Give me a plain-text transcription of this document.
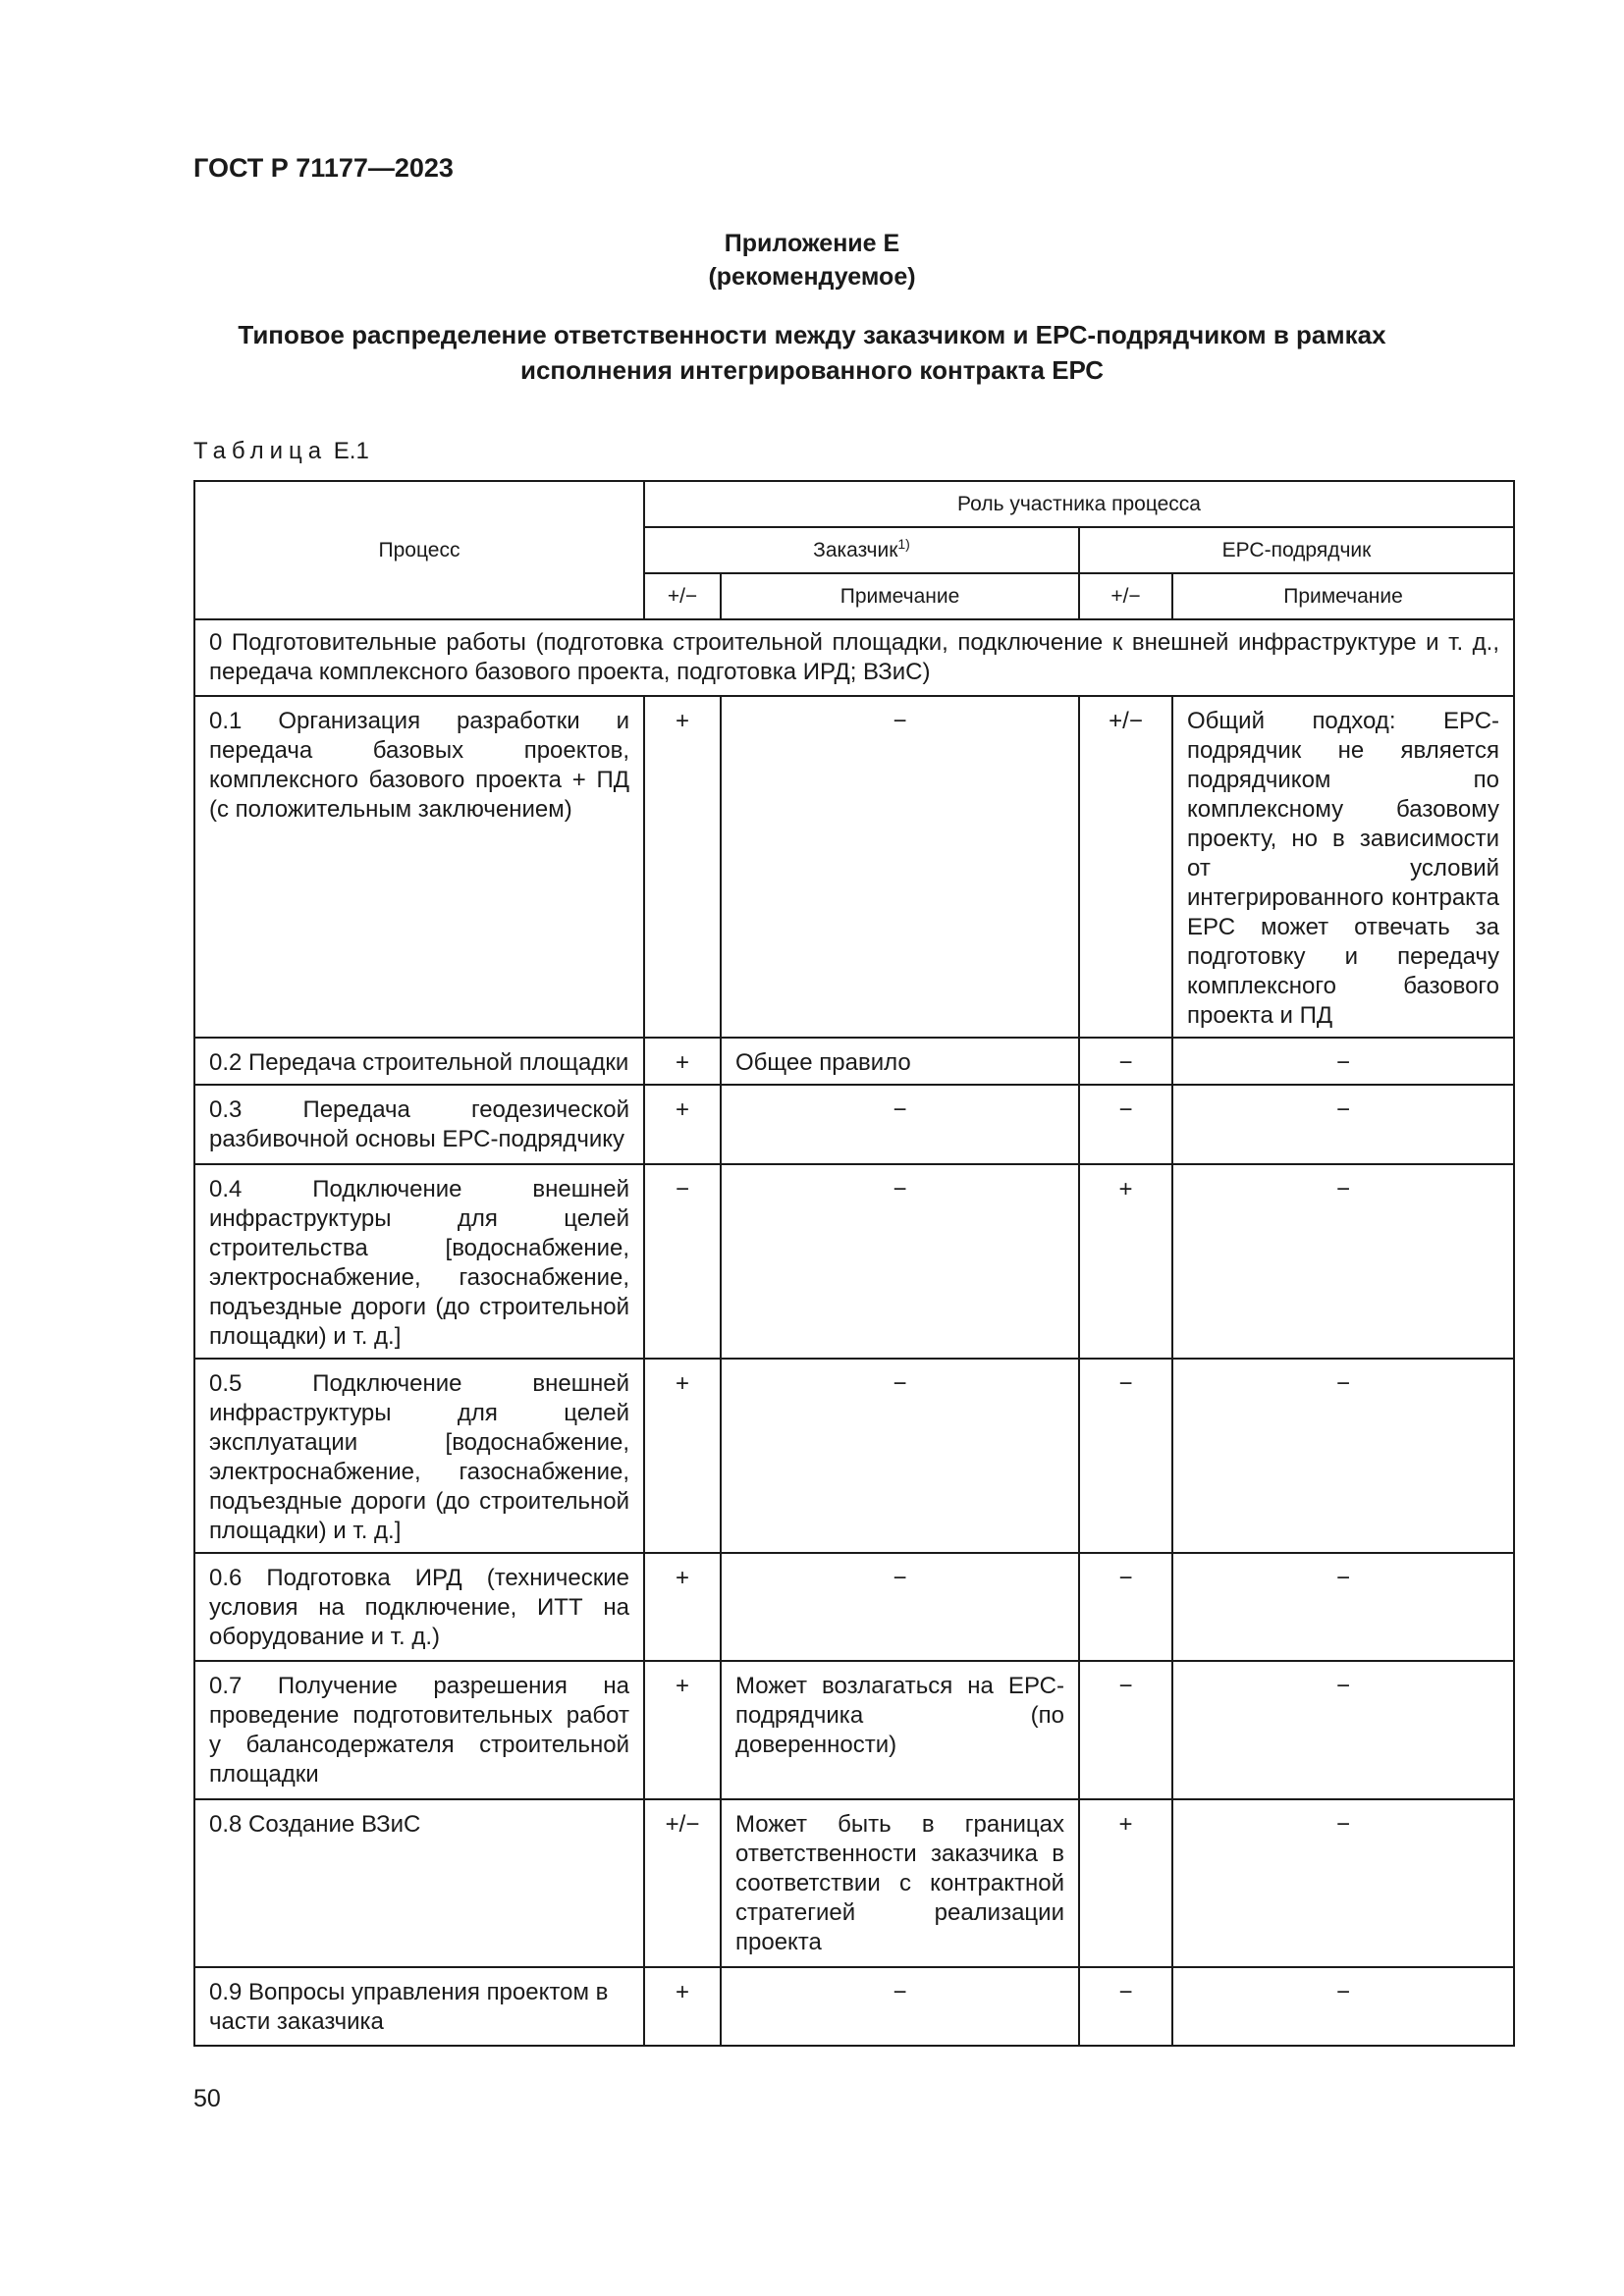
ГОСТ Р 71177—2023
Приложение Е
(рекомендуемое)
Типовое распределение ответственности между заказчиком и ЕРС-подрядчиком в рамках
исполнения интегрированного контракта ЕРС
Таблица Е.1
Процесс	Роль участника процесса			
	Заказчик$^{1)}$		ЕРС-подрядчик	
	+/−	Примечание	+/−	Примечание
0 Подготовительные работы (подготовка строительной площадки, подключение к внешней инфраструктуре и т. д., передача комплексного базового проекта, подготовка ИРД; ВЗиС)				
0.1 Организация разработки и передача базовых проектов, комплексного базового проекта + ПД (с положительным заключением)	+	−	+/−	Общий подход: ЕРС-подрядчик не является подрядчиком по комплексному базовому проекту, но в зависимости от условий интегрированного контракта ЕРС может отвечать за подготовку и передачу комплексного базового проекта и ПД
0.2 Передача строительной площадки	+	Общее правило	−	−
0.3 Передача геодезической разбивочной основы ЕРС-подрядчику	+	−	−	−
0.4 Подключение внешней инфраструктуры для целей строительства [водоснабжение, электроснабжение, газоснабжение, подъездные дороги (до строительной площадки) и т. д.]	−	−	+	−
0.5 Подключение внешней инфраструктуры для целей эксплуатации [водоснабжение, электроснабжение, газоснабжение, подъездные дороги (до строительной площадки) и т. д.]	+	−	−	−
0.6 Подготовка ИРД (технические условия на подключение, ИТТ на оборудование и т. д.)	+	−	−	−
0.7 Получение разрешения на проведение подготовительных работ у балансодержателя строительной площадки	+	Может возлагаться на ЕРС-подрядчика (по доверенности)	−	−
0.8 Создание ВЗиС	+/−	Может быть в границах ответственности заказчика в соответствии с контрактной стратегией реализации проекта	+	−
0.9 Вопросы управления проектом в части заказчика	+	−	−	−
50
